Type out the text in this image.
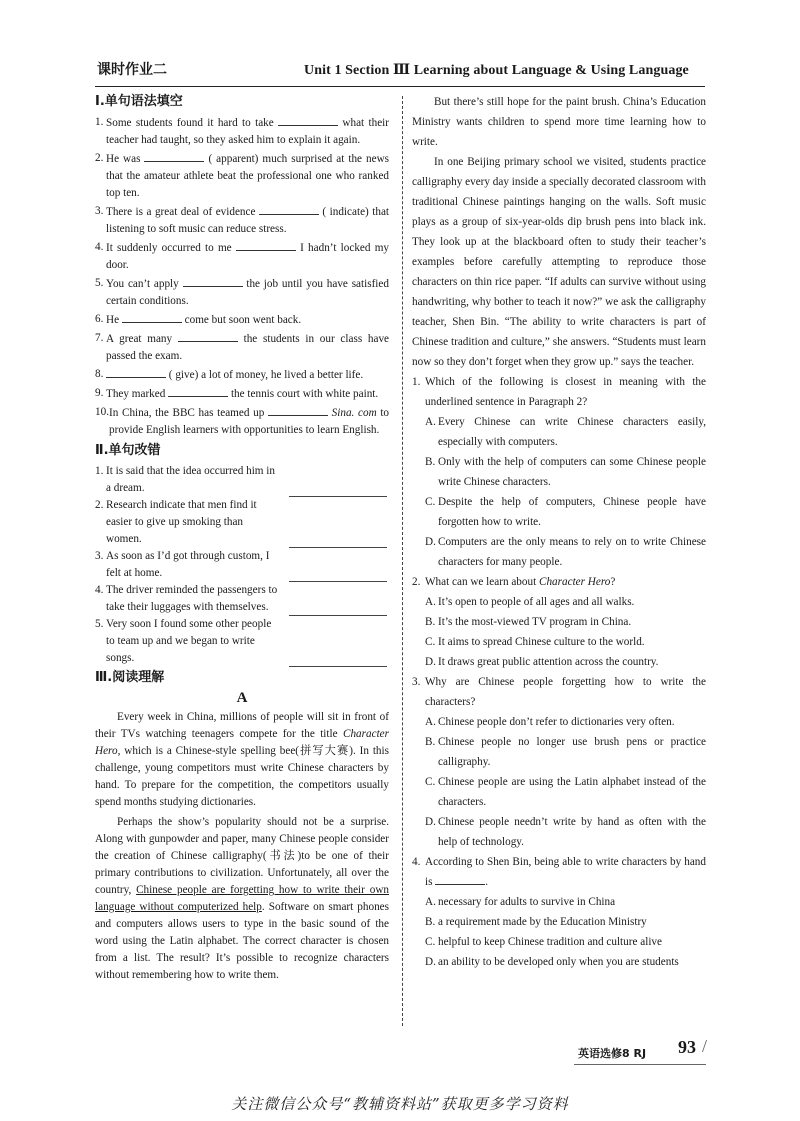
课时作业二	Unit 1 Section Ⅲ Learning about Language & Using Language
Ⅰ.单句语法填空
1. Some students found it hard to take	what their teacher had taught, so they asked him to explain it again.
2. He was	( apparent) much surprised at the news that the amateur athlete beat the professional one who ranked top ten.
3. There is a great deal of evidence	( indicate) that listening to soft music can reduce stress.
4. It suddenly occurred to me	I hadn’t locked my door.
5. You can’t apply	the job until you have satisfied certain conditions.
6. He	come but soon went back.
7. A great many	the students in our class have passed the exam.
8.	( give) a lot of money, he lived a better life.
9. They marked	the tennis court with white paint.
10. In China, the BBC has teamed up	Sina. com to provide English learners with opportunities to learn English.
Ⅱ.单句改错
1. It is said that the idea occurred him in a dream.
2. Research indicate that men find it easier to give up smoking than women.
3. As soon as I’d got through custom, I felt at home.
4. The driver reminded the passengers to take their luggages with themselves.
5. Very soon I found some other people to team up and we began to write songs.
Ⅲ.阅读理解
A

Every week in China, millions of people will sit in front of their TVs watching teenagers compete for the title Character Hero, which is a Chinese-style spelling bee(拼写大赛). In this challenge, young competitors must write Chinese characters by hand. To prepare for the competition, the competitors usually spend months studying dictionaries.

Perhaps the show’s popularity should not be a surprise. Along with gunpowder and paper, many Chinese people consider the creation of Chinese calligraphy(书法)to be one of their primary contributions to civilization. Unfortunately, all over the country, Chinese people are forgetting how to write their own language without computerized help. Software on smart phones and computers allows users to type in the basic sound of the word using the Latin alphabet. The correct character is chosen from a list. The result? It’s possible to recognize characters without remembering how to write them.

But there’s still hope for the paint brush. China’s Education Ministry wants children to spend more time learning how to write.

In one Beijing primary school we visited, students practice calligraphy every day inside a specially decorated classroom with traditional Chinese paintings hanging on the walls. Soft music plays as a group of six-year-olds dip brush pens into black ink. They look up at the blackboard often to study their teacher’s examples before carefully attempting to reproduce those characters on thin rice paper. “If adults can survive without using handwriting, why bother to teach it now?” we ask the calligraphy teacher, Shen Bin. “The ability to write characters is part of Chinese tradition and culture,” she answers. “Students must learn now so they don’t forget when they grow up.” says the teacher.

1. Which of the following is closest in meaning with the underlined sentence in Paragraph 2?
A. Every Chinese can write Chinese characters easily, especially with computers.
B. Only with the help of computers can some Chinese people write Chinese characters.
C. Despite the help of computers, Chinese people have forgotten how to write.
D. Computers are the only means to rely on to write Chinese characters for many people.
2. What can we learn about Character Hero?
A. It’s open to people of all ages and all walks.
B. It’s the most-viewed TV program in China.
C. It aims to spread Chinese culture to the world.
D. It draws great public attention across the country.
3. Why are Chinese people forgetting how to write the characters?
A. Chinese people don’t refer to dictionaries very often.
B. Chinese people no longer use brush pens or practice calligraphy.
C. Chinese people are using the Latin alphabet instead of the characters.
D. Chinese people needn’t write by hand as often with the help of technology.
4. According to Shen Bin, being able to write characters by hand is	.
A. necessary for adults to survive in China
B. a requirement made by the Education Ministry
C. helpful to keep Chinese tradition and culture alive
D. an ability to be developed only when you are students
英语选修8 RJ 93 /
关注微信公众号“教辅资料站”获取更多学习资料
